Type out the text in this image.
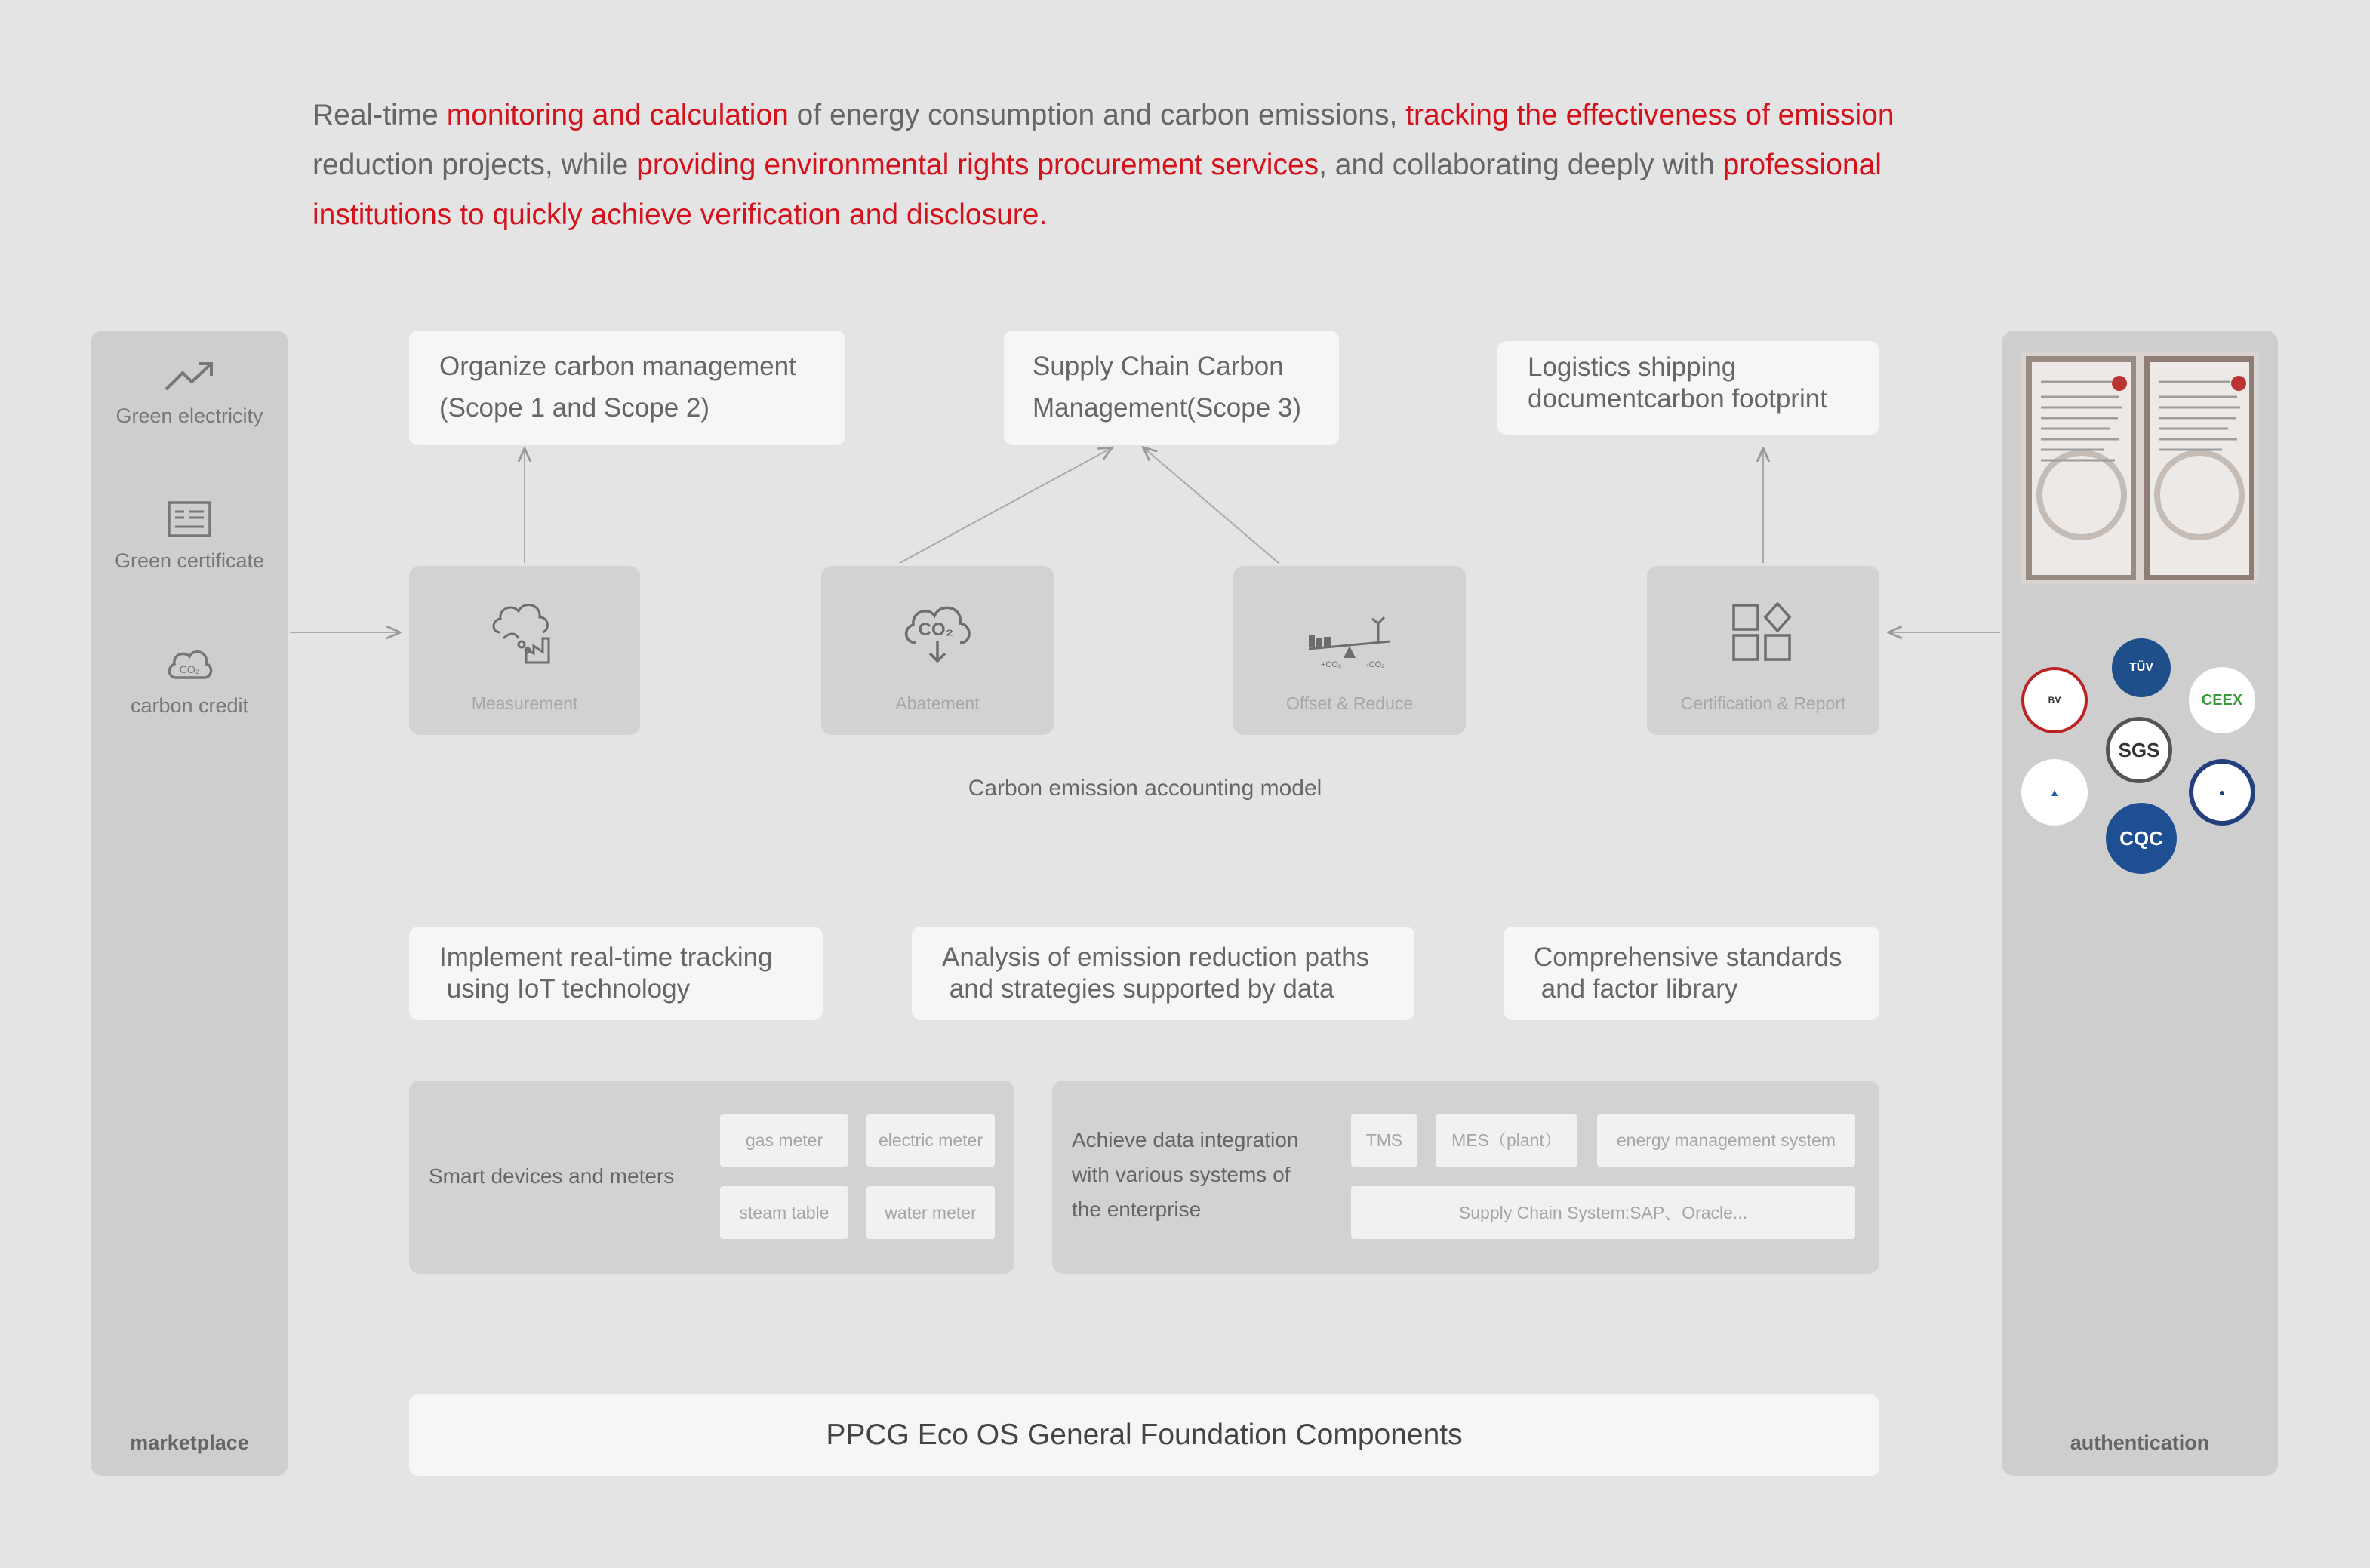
Real-time monitoring and calculation of energy consumption and carbon emissions, tracking the effectiveness of emission
reduction projects, while providing environmental rights procurement services, and collaborating deeply with professional
institutions to quickly achieve verification and disclosure.
Green electricity
Green certificate
CO₂
carbon credit
marketplace	authentication
TÜV

BV	CEEX
SGS
▲	●
CQC
Organize carbon management
(Scope 1 and Scope 2)
Supply Chain Carbon
Management(Scope 3)
Logistics shipping
documentcarbon footprint
Measurement
CO₂
Abatement
+CO₂	-CO₂
Offset & Reduce	Certification & Report
Carbon emission accounting model
Implement real-time tracking
using IoT technology
Analysis of emission reduction paths
and strategies supported by data
Comprehensive standards
and factor library
Smart devices and meters
gas meter	electric meter
steam table	water meter
Achieve data integration
with various systems of
the enterprise
TMS	MES（plant）	energy management system
Supply Chain System:SAP、Oracle...
PPCG Eco OS General Foundation Components
